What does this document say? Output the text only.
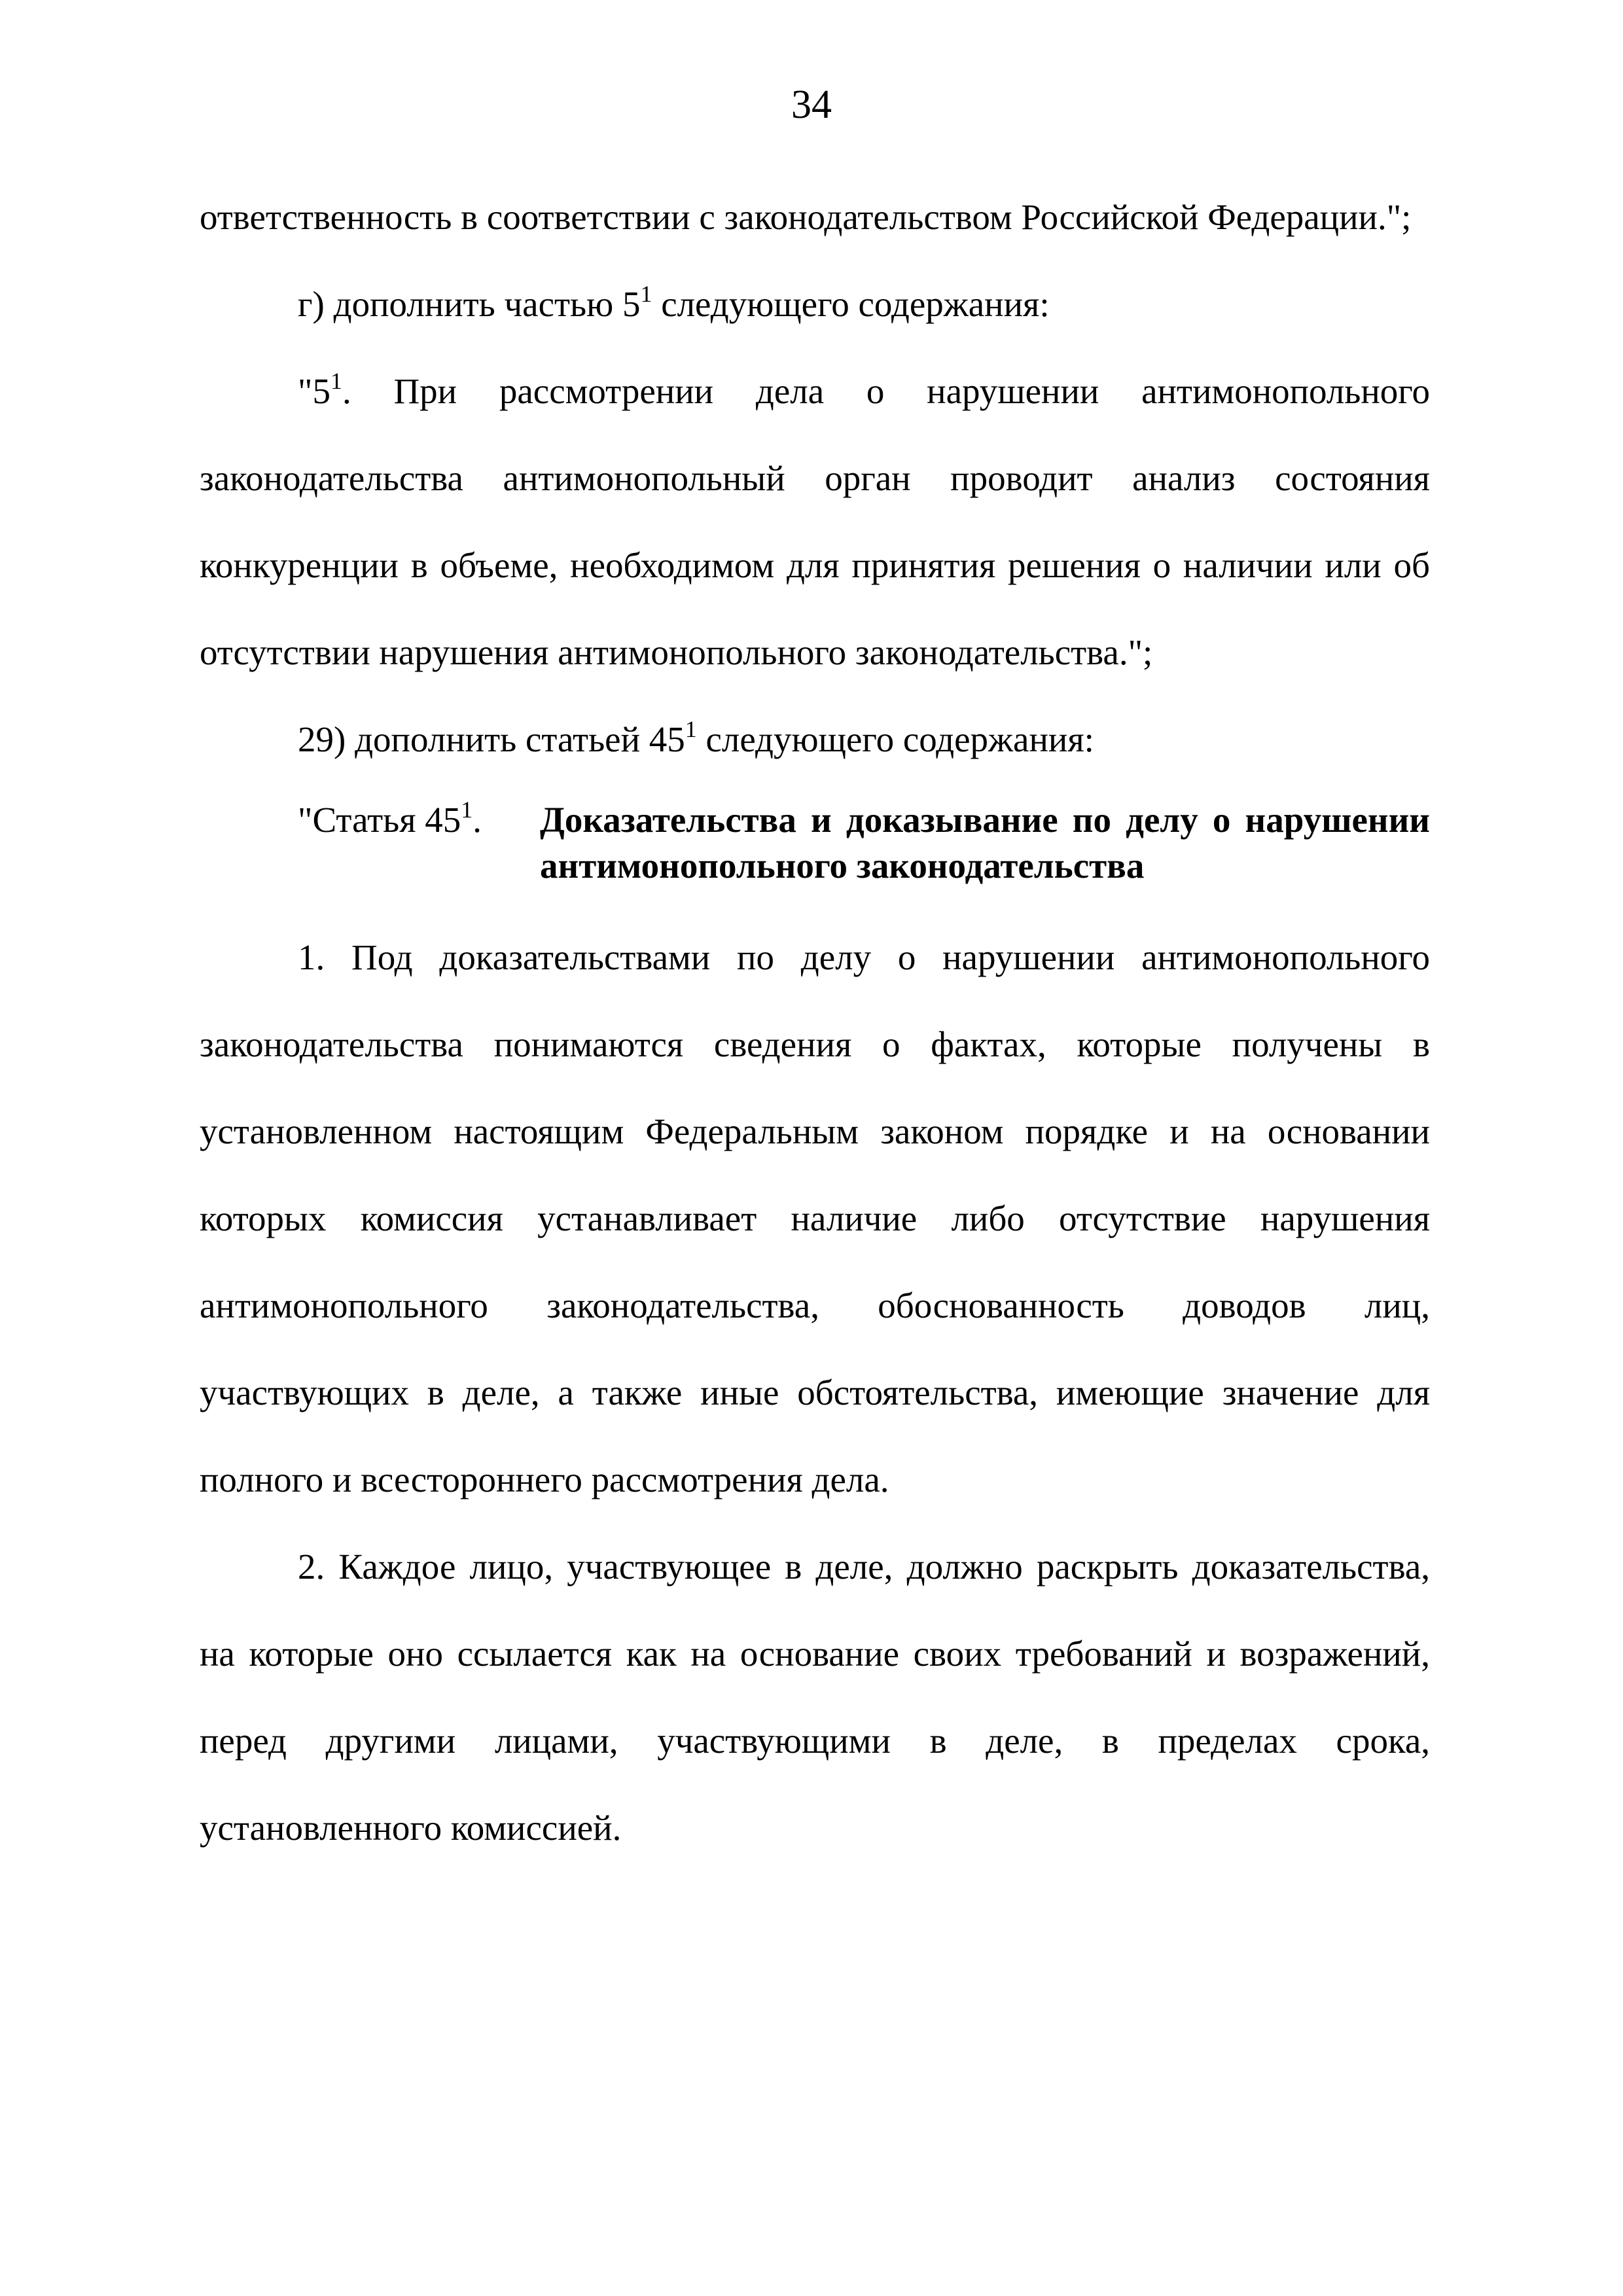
34

ответственность в соответствии с законодательством Российской Федерации.";

г) дополнить частью $5^1$ следующего содержания:

"$5^1$. При рассмотрении дела о нарушении антимонопольного законодательства антимонопольный орган проводит анализ состояния конкуренции в объеме, необходимом для принятия решения о наличии или об отсутствии нарушения антимонопольного законодательства.";

29) дополнить статьей $45^1$ следующего содержания:

"Статья $45^1$.	Доказательства и доказывание по делу о нарушении антимонопольного законодательства

1. Под доказательствами по делу о нарушении антимонопольного законодательства понимаются сведения о фактах, которые получены в установленном настоящим Федеральным законом порядке и на основании которых комиссия устанавливает наличие либо отсутствие нарушения антимонопольного законодательства, обоснованность доводов лиц, участвующих в деле, а также иные обстоятельства, имеющие значение для полного и всестороннего рассмотрения дела.

2. Каждое лицо, участвующее в деле, должно раскрыть доказательства, на которые оно ссылается как на основание своих требований и возражений, перед другими лицами, участвующими в деле, в пределах срока, установленного комиссией.
